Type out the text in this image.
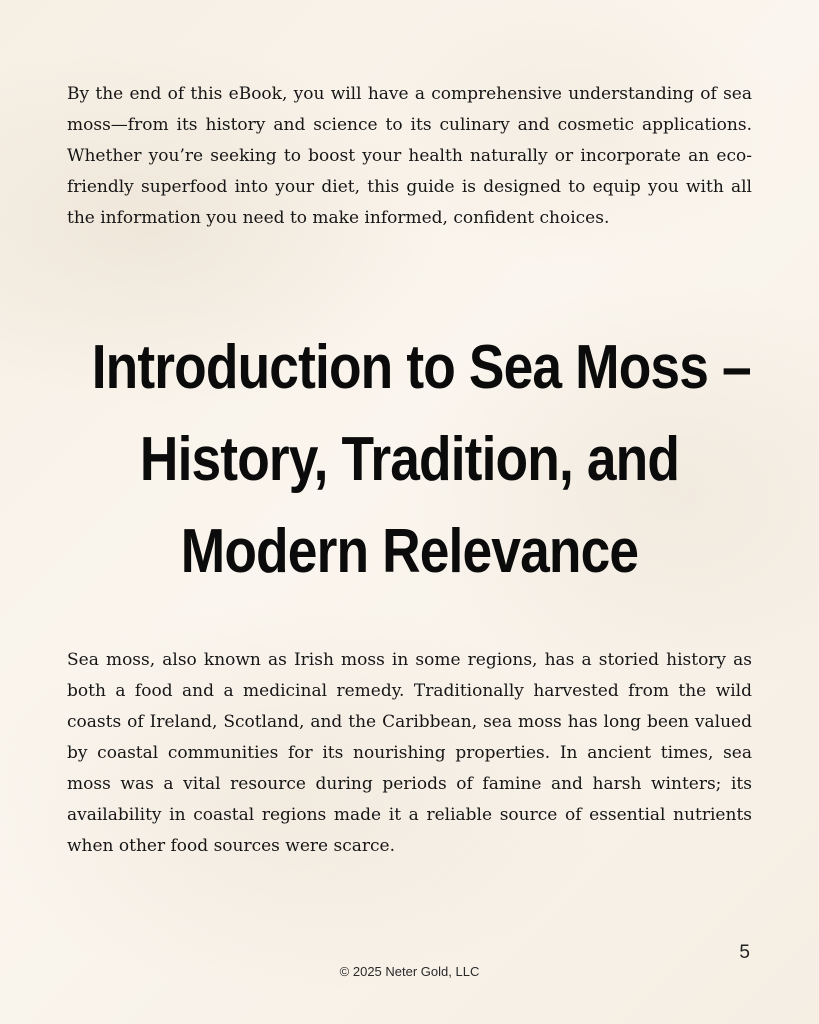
By the end of this eBook, you will have a comprehensive understanding of sea moss—from its history and science to its culinary and cosmetic applications. Whether you’re seeking to boost your health naturally or incorporate an eco-friendly superfood into your diet, this guide is designed to equip you with all the information you need to make informed, confident choices.

Introduction to Sea Moss –
History, Tradition, and
Modern Relevance

Sea moss, also known as Irish moss in some regions, has a storied history as both a food and a medicinal remedy. Traditionally harvested from the wild coasts of Ireland, Scotland, and the Caribbean, sea moss has long been valued by coastal communities for its nourishing properties. In ancient times, sea moss was a vital resource during periods of famine and harsh winters; its availability in coastal regions made it a reliable source of essential nutrients when other food sources were scarce.

5
© 2025 Neter Gold, LLC
